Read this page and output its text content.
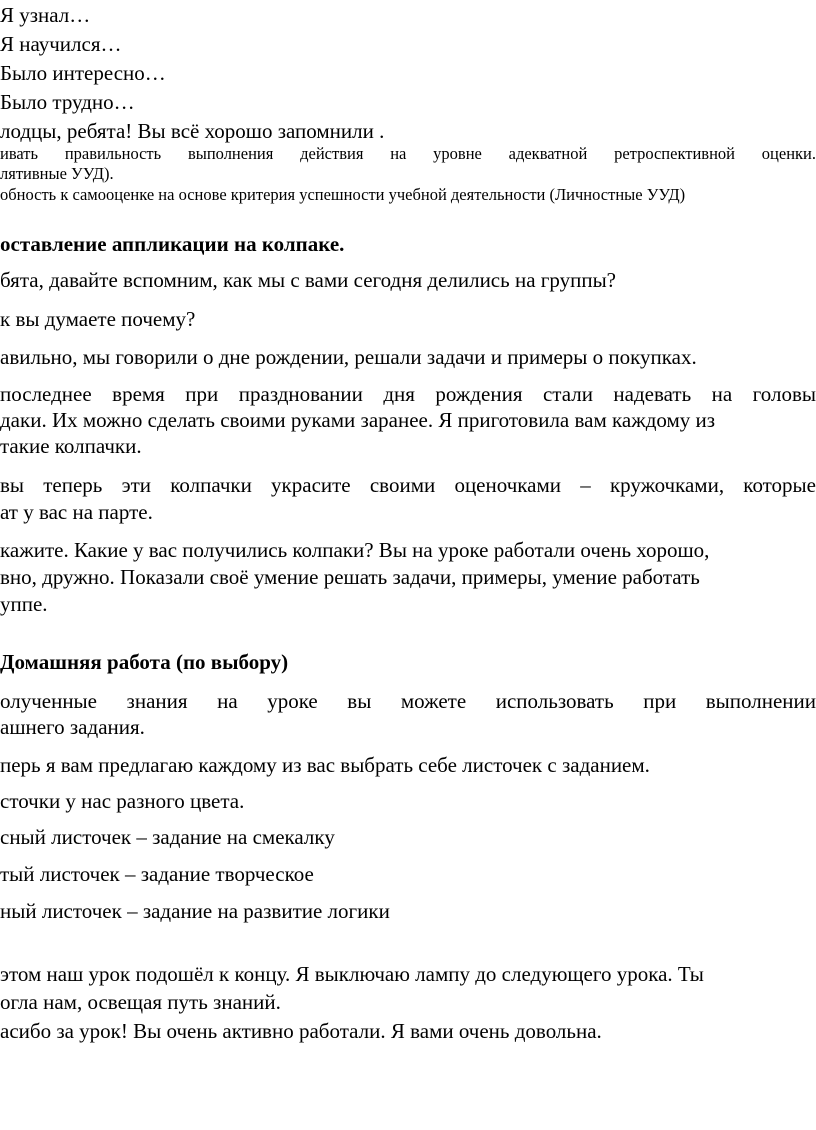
Я узнал…
Я научился…
Было интересно…
Было трудно…
лодцы, ребята! Вы всё хорошо запомнили .
ивать правильность выполнения действия на уровне адекватной ретроспективной оценки.
лятивные УУД).
обность к самооценке на основе критерия успешности учебной деятельности (Личностные УУД)
оставление аппликации на колпаке.
бята, давайте вспомним, как мы с вами сегодня делились на группы?
к вы думаете почему?
авильно, мы говорили о дне рождении, решали задачи и примеры о покупках.
последнее время при праздновании дня рождения стали надевать на головы
даки. Их можно сделать своими руками заранее. Я приготовила вам каждому из
такие колпачки.
вы теперь эти колпачки украсите своими оценочками – кружочками, которые
ат у вас на парте.
кажите. Какие у вас получились колпаки? Вы на уроке работали очень хорошо,
вно, дружно. Показали своё умение решать задачи, примеры, умение работать
уппе.
Домашняя работа (по выбору)
олученные знания на уроке вы можете использовать при выполнении
ашнего задания.
перь я вам предлагаю каждому из вас выбрать себе листочек с заданием.
сточки у нас разного цвета.
сный листочек – задание на смекалку
тый листочек – задание творческое
ный листочек – задание на развитие логики
этом наш урок подошёл к концу. Я выключаю лампу до следующего урока. Ты
огла нам, освещая путь знаний.
асибо за урок! Вы очень активно работали. Я вами очень довольна.
